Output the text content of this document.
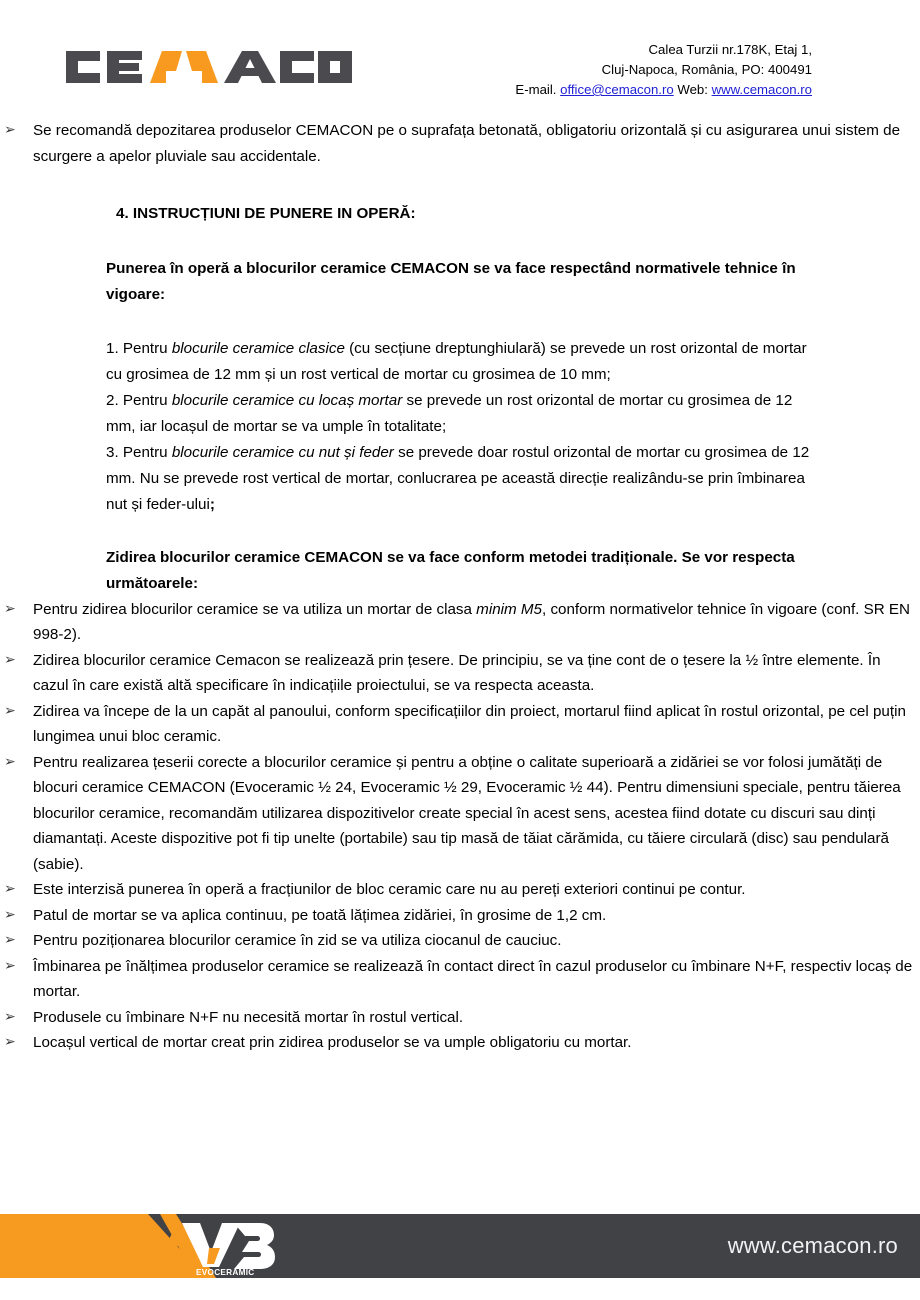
Calea Turzii nr.178K, Etaj 1,
Cluj-Napoca, România, PO: 400491
E-mail. office@cemacon.ro Web: www.cemacon.ro
➢ Se recomandă depozitarea produselor CEMACON pe o suprafața betonată, obligatoriu orizontală și cu asigurarea unui sistem de scurgere a apelor pluviale sau accidentale.
4. INSTRUCȚIUNI DE PUNERE IN OPERĂ:

Punerea în operă a blocurilor ceramice CEMACON se va face respectând normativele tehnice în vigoare:

1. Pentru blocurile ceramice clasice (cu secțiune dreptunghiulară) se prevede un rost orizontal de mortar cu grosimea de 12 mm și un rost vertical de mortar cu grosimea de 10 mm;

2. Pentru blocurile ceramice cu locaș mortar se prevede un rost orizontal de mortar cu grosimea de 12 mm, iar locașul de mortar se va umple în totalitate;

3. Pentru blocurile ceramice cu nut și feder se prevede doar rostul orizontal de mortar cu grosimea de 12 mm. Nu se prevede rost vertical de mortar, conlucrarea pe această direcție realizându-se prin îmbinarea nut și feder-ului;

Zidirea blocurilor ceramice CEMACON se va face conform metodei tradiționale. Se vor respecta următoarele:

➢ Pentru zidirea blocurilor ceramice se va utiliza un mortar de clasa minim M5, conform normativelor tehnice în vigoare (conf. SR EN 998-2).
➢ Zidirea blocurilor ceramice Cemacon se realizează prin țesere. De principiu, se va ține cont de o țesere la ½ între elemente. În cazul în care există altă specificare în indicațiile proiectului, se va respecta aceasta.
➢ Zidirea va începe de la un capăt al panoului, conform specificațiilor din proiect, mortarul fiind aplicat în rostul orizontal, pe cel puțin lungimea unui bloc ceramic.
➢ Pentru realizarea țeserii corecte a blocurilor ceramice și pentru a obține o calitate superioară a zidăriei se vor folosi jumătăți de blocuri ceramice CEMACON (Evoceramic ½ 24, Evoceramic ½ 29, Evoceramic ½ 44). Pentru dimensiuni speciale, pentru tăierea blocurilor ceramice, recomandăm utilizarea dispozitivelor create special în acest sens, acestea fiind dotate cu discuri sau dinți diamantați. Aceste dispozitive pot fi tip unelte (portabile) sau tip masă de tăiat cărămida, cu tăiere circulară (disc) sau pendulară (sabie).
➢ Este interzisă punerea în operă a fracțiunilor de bloc ceramic care nu au pereți exteriori continui pe contur.
➢ Patul de mortar se va aplica continuu, pe toată lățimea zidăriei, în grosime de 1,2 cm.
➢ Pentru poziționarea blocurilor ceramice în zid se va utiliza ciocanul de cauciuc.
➢ Îmbinarea pe înălțimea produselor ceramice se realizează în contact direct în cazul produselor cu îmbinare N+F, respectiv locaș de mortar.
➢ Produsele cu îmbinare N+F nu necesită mortar în rostul vertical.
➢ Locașul vertical de mortar creat prin zidirea produselor se va umple obligatoriu cu mortar.
EVOCERAMIC
www.cemacon.ro
